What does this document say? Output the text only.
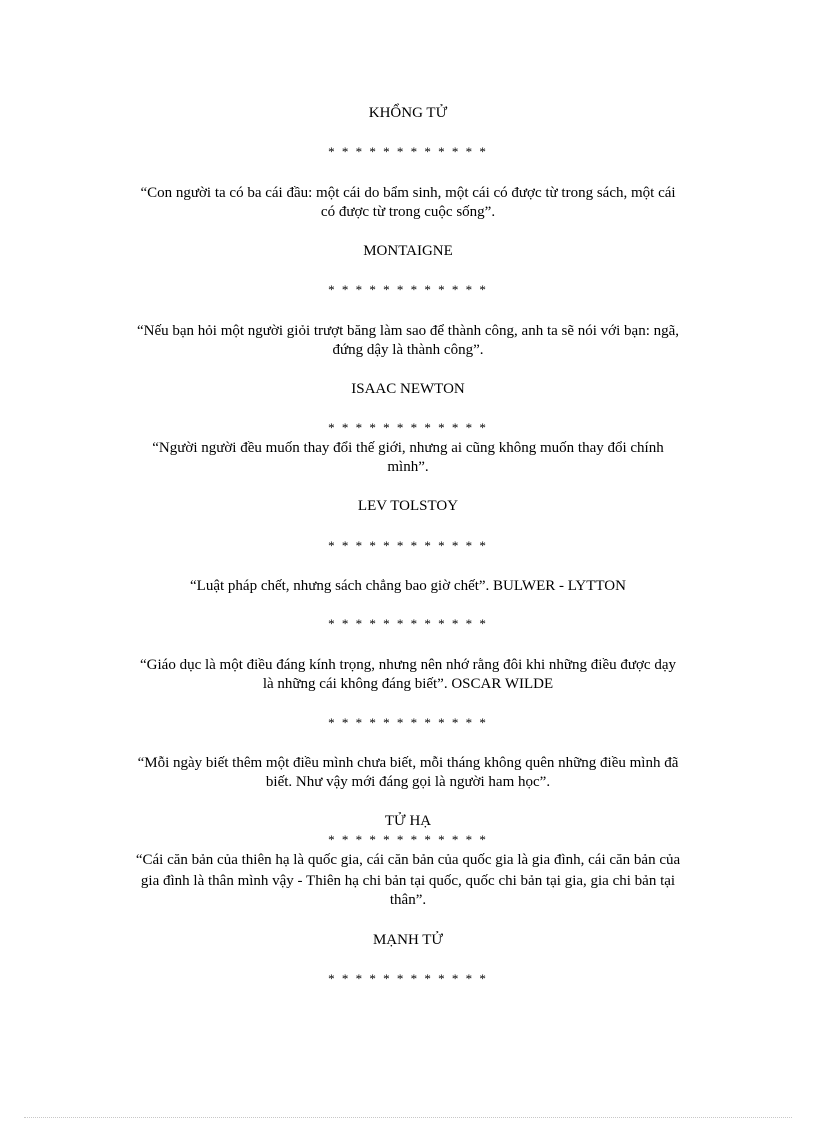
KHỔNG TỬ
* * * * * * * * * * * *
“Con người ta có ba cái đầu: một cái do bẩm sinh, một cái có được từ trong sách, một cái
có được từ trong cuộc sống”.
MONTAIGNE
* * * * * * * * * * * *
“Nếu bạn hỏi một người giỏi trượt băng làm sao để thành công, anh ta sẽ nói với bạn: ngã,
đứng dậy là thành công”.
ISAAC NEWTON
* * * * * * * * * * * *
“Người người đều muốn thay đổi thế giới, nhưng ai cũng không muốn thay đổi chính
mình”.
LEV TOLSTOY
* * * * * * * * * * * *
“Luật pháp chết, nhưng sách chẳng bao giờ chết”. BULWER - LYTTON
* * * * * * * * * * * *
“Giáo dục là một điều đáng kính trọng, nhưng nên nhớ rằng đôi khi những điều được dạy
là những cái không đáng biết”. OSCAR WILDE
* * * * * * * * * * * *
“Mỗi ngày biết thêm một điều mình chưa biết, mỗi tháng không quên những điều mình đã
biết. Như vậy mới đáng gọi là người ham học”.
TỬ HẠ
* * * * * * * * * * * *
“Cái căn bản của thiên hạ là quốc gia, cái căn bản của quốc gia là gia đình, cái căn bản của
gia đình là thân mình vậy - Thiên hạ chi bản tại quốc, quốc chi bản tại gia, gia chi bản tại
thân”.
MẠNH TỬ
* * * * * * * * * * * *
